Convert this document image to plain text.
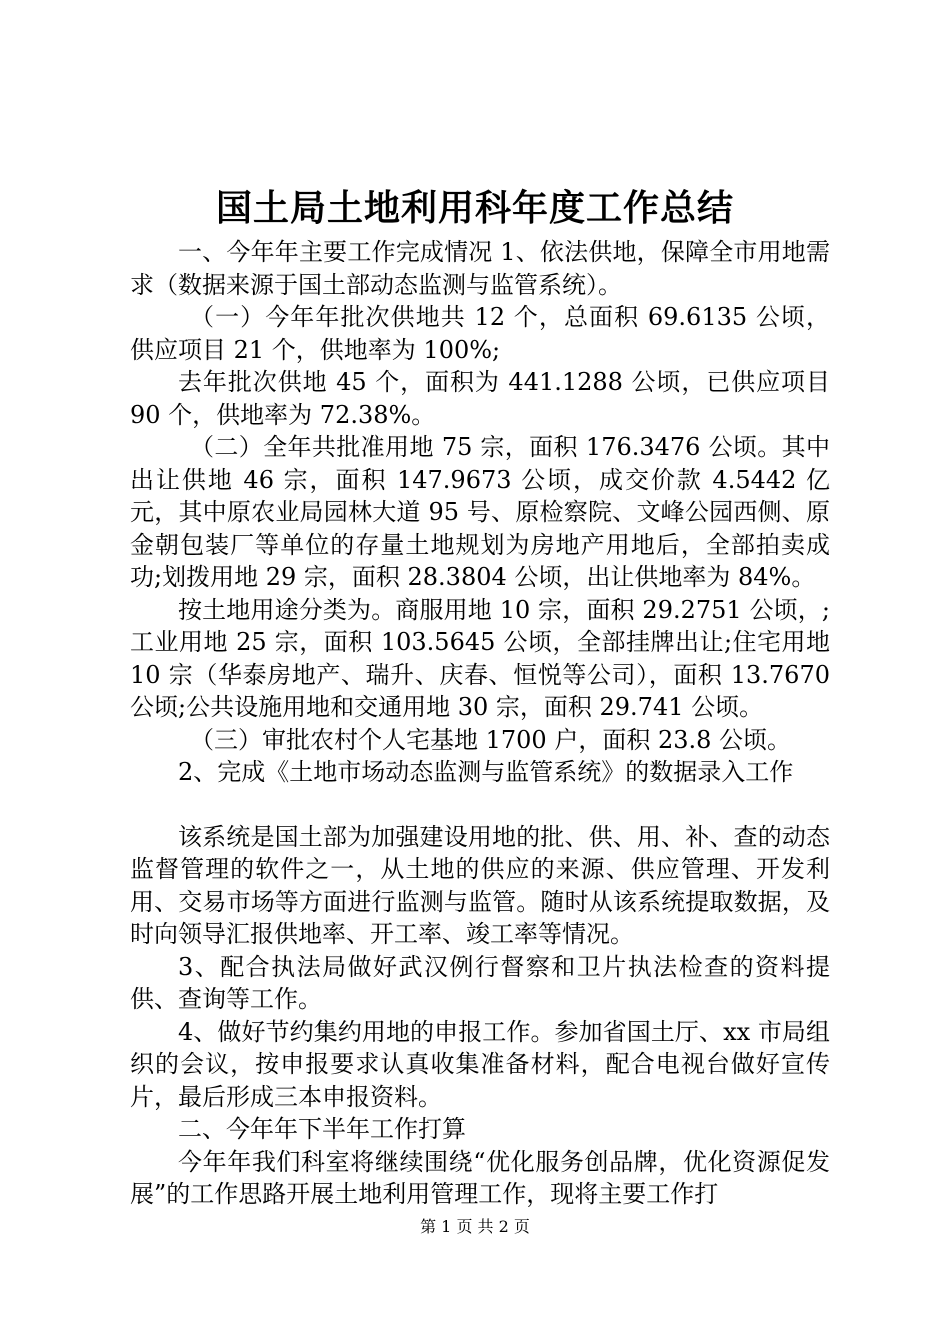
国土局土地利用科年度工作总结

一、今年年主要工作完成情况 1、依法供地，保障全市用地需求（数据来源于国土部动态监测与监管系统）。

（一）今年年批次供地共 12 个，总面积 69.6135 公顷，供应项目 21 个，供地率为 100%;

去年批次供地 45 个，面积为 441.1288 公顷，已供应项目 90 个，供地率为 72.38%。

（二）全年共批准用地 75 宗，面积 176.3476 公顷。其中出让供地 46 宗，面积 147.9673 公顷，成交价款 4.5442 亿元，其中原农业局园林大道 95 号、原检察院、文峰公园西侧、原金朝包装厂等单位的存量土地规划为房地产用地后，全部拍卖成功;划拨用地 29 宗，面积 28.3804 公顷，出让供地率为 84%。

按土地用途分类为。商服用地 10 宗，面积 29.2751 公顷，;工业用地 25 宗，面积 103.5645 公顷，全部挂牌出让;住宅用地 10 宗（华泰房地产、瑞升、庆春、恒悦等公司），面积 13.7670 公顷;公共设施用地和交通用地 30 宗，面积 29.741 公顷。

（三）审批农村个人宅基地 1700 户，面积 23.8 公顷。

2、完成《土地市场动态监测与监管系统》的数据录入工作

该系统是国土部为加强建设用地的批、供、用、补、查的动态监督管理的软件之一，从土地的供应的来源、供应管理、开发利用、交易市场等方面进行监测与监管。随时从该系统提取数据，及时向领导汇报供地率、开工率、竣工率等情况。

3、配合执法局做好武汉例行督察和卫片执法检查的资料提供、查询等工作。

4、做好节约集约用地的申报工作。参加省国土厅、xx 市局组织的会议，按申报要求认真收集准备材料，配合电视台做好宣传片，最后形成三本申报资料。

二、今年年下半年工作打算

今年年我们科室将继续围绕“优化服务创品牌，优化资源促发展”的工作思路开展土地利用管理工作，现将主要工作打

第 1 页 共 2 页
